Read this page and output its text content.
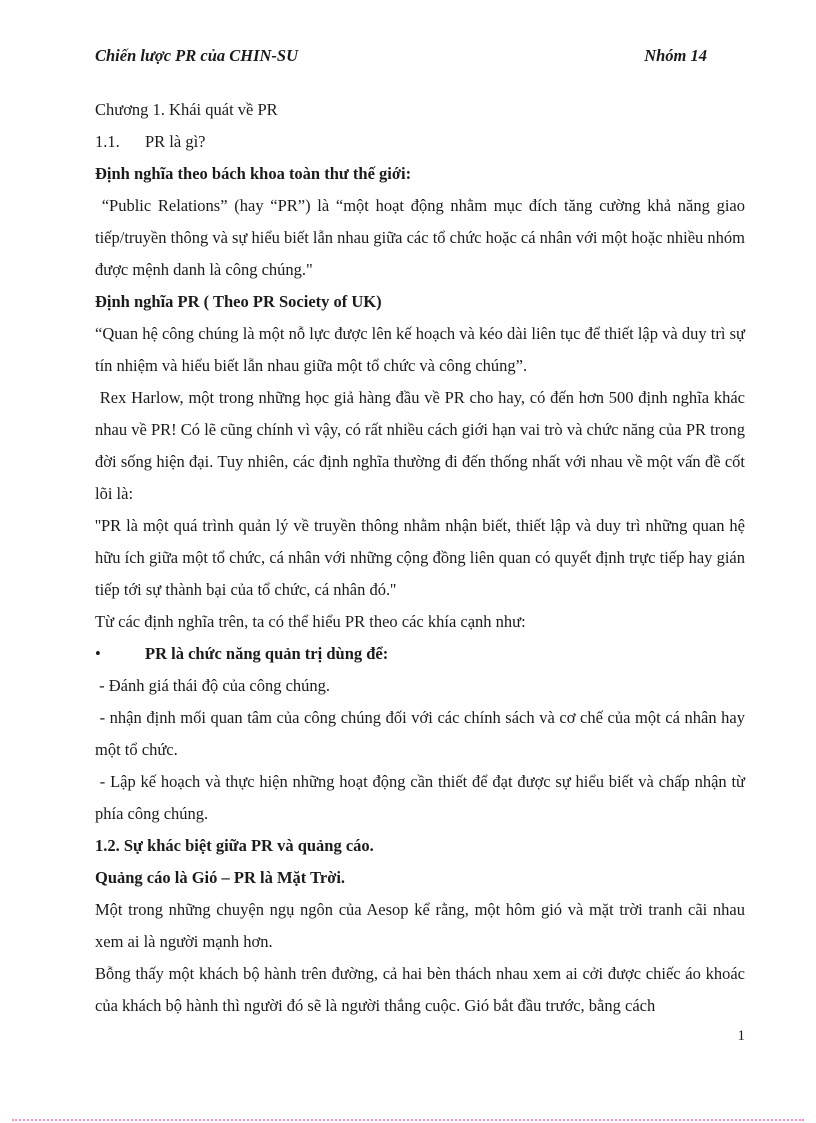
Chiến lược PR của CHIN-SU	Nhóm 14
Chương 1. Khái quát về PR
1.1. PR là gì?
Định nghĩa theo bách khoa toàn thư thế giới:
“Public Relations” (hay “PR”) là “một hoạt động nhằm mục đích tăng cường khả năng giao tiếp/truyền thông và sự hiểu biết lẫn nhau giữa các tổ chức hoặc cá nhân với một hoặc nhiều nhóm được mệnh danh là công chúng."
Định nghĩa PR ( Theo PR Society of UK)
“Quan hệ công chúng là một nỗ lực được lên kế hoạch và kéo dài liên tục để thiết lập và duy trì sự tín nhiệm và hiểu biết lẫn nhau giữa một tổ chức và công chúng”.
Rex Harlow, một trong những học giả hàng đầu về PR cho hay, có đến hơn 500 định nghĩa khác nhau về PR! Có lẽ cũng chính vì vậy, có rất nhiều cách giới hạn vai trò và chức năng của PR trong đời sống hiện đại. Tuy nhiên, các định nghĩa thường đi đến thống nhất với nhau về một vấn đề cốt lõi là:
''PR là một quá trình quản lý về truyền thông nhằm nhận biết, thiết lập và duy trì những quan hệ hữu ích giữa một tổ chức, cá nhân với những cộng đồng liên quan có quyết định trực tiếp hay gián tiếp tới sự thành bại của tổ chức, cá nhân đó.''
Từ các định nghĩa trên, ta có thể hiểu PR theo các khía cạnh như:
•	PR là chức năng quản trị dùng để:
- Đánh giá thái độ của công chúng.
- nhận định mối quan tâm của công chúng đối với các chính sách và cơ chế của một cá nhân hay một tổ chức.
- Lập kế hoạch và thực hiện những hoạt động cần thiết để đạt được sự hiểu biết và chấp nhận từ phía công chúng.
1.2. Sự khác biệt giữa PR và quảng cáo.
Quảng cáo là Gió – PR là Mặt Trời.
Một trong những chuyện ngụ ngôn của Aesop kể rằng, một hôm gió và mặt trời tranh cãi nhau xem ai là người mạnh hơn.
Bỗng thấy một khách bộ hành trên đường, cả hai bèn thách nhau xem ai cởi được chiếc áo khoác của khách bộ hành thì người đó sẽ là người thắng cuộc. Gió bắt đầu trước, bằng cách
1
